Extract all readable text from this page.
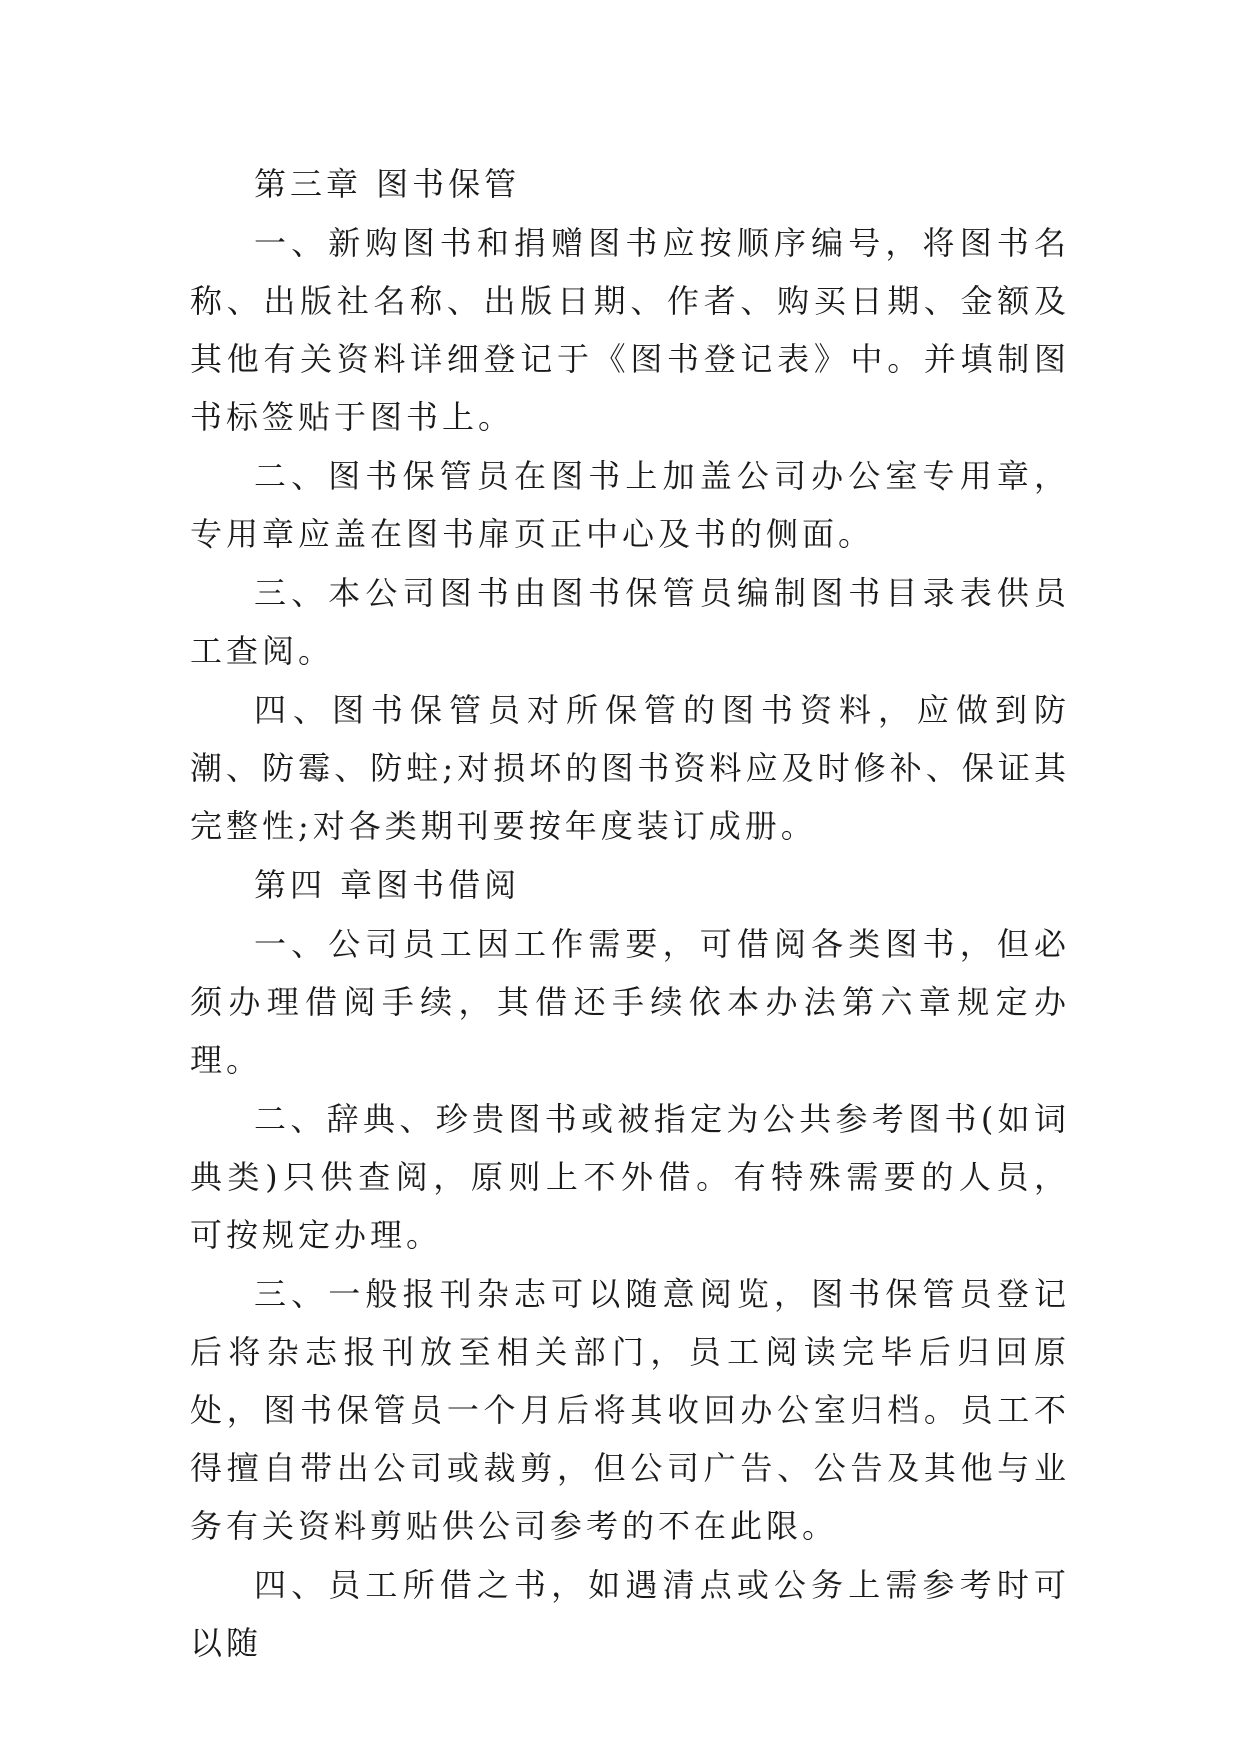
第三章 图书保管

一、新购图书和捐赠图书应按顺序编号，将图书名称、出版社名称、出版日期、作者、购买日期、金额及其他有关资料详细登记于《图书登记表》中。并填制图书标签贴于图书上。

二、图书保管员在图书上加盖公司办公室专用章，专用章应盖在图书扉页正中心及书的侧面。

三、本公司图书由图书保管员编制图书目录表供员工查阅。

四、图书保管员对所保管的图书资料，应做到防潮、防霉、防蛀;对损坏的图书资料应及时修补、保证其完整性;对各类期刊要按年度装订成册。

第四 章图书借阅

一、公司员工因工作需要，可借阅各类图书，但必须办理借阅手续，其借还手续依本办法第六章规定办理。

二、辞典、珍贵图书或被指定为公共参考图书(如词典类)只供查阅，原则上不外借。有特殊需要的人员，可按规定办理。

三、一般报刊杂志可以随意阅览，图书保管员登记后将杂志报刊放至相关部门，员工阅读完毕后归回原处，图书保管员一个月后将其收回办公室归档。员工不得擅自带出公司或裁剪，但公司广告、公告及其他与业务有关资料剪贴供公司参考的不在此限。

四、员工所借之书，如遇清点或公务上需参考时可以随
